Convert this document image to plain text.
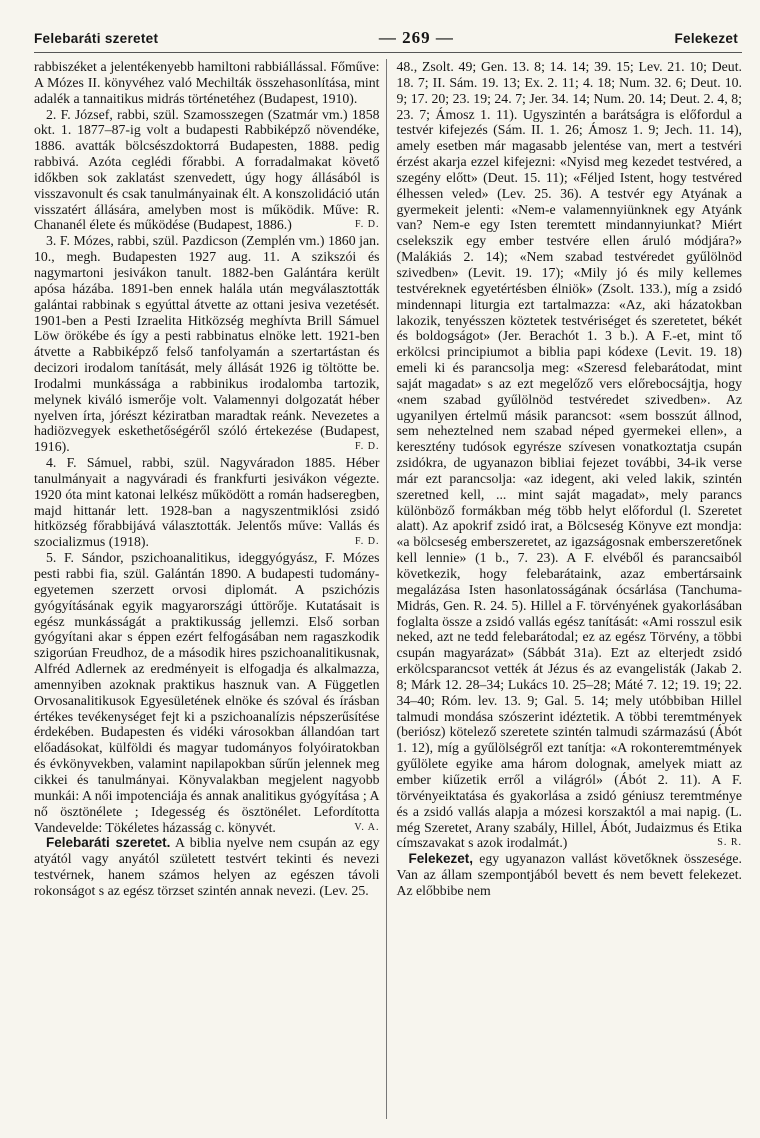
Felebaráti szeretet	— 269 —	Felekezet

rabbiszéket a jelentékenyebb hamiltoni rabbiállással. Főműve: A Mózes II. könyvéhez való Mechilták összehasonlítása, mint adalék a tannaitikus midrás történetéhez (Budapest, 1910).

2. F. József, rabbi, szül. Szamosszegen (Szatmár vm.) 1858 okt. 1. 1877–87-ig volt a budapesti Rabbiképző növendéke, 1886. avatták bölcsészdoktorrá Budapesten, 1888. pedig rabbivá. Azóta ceglédi főrabbi. A forradalmakat követő időkben sok zaklatást szenvedett, úgy hogy állásából is visszavonult és csak tanulmányainak élt. A konszolidáció után visszatért állására, amelyben most is működik. Műve: R. Chananél élete és működése (Budapest, 1886.)	F. D.

3. F. Mózes, rabbi, szül. Pazdicson (Zemplén vm.) 1860 jan. 10., megh. Budapesten 1927 aug. 11. A szikszói és nagymartoni jesivákon tanult. 1882-ben Galántára került apósa házába. 1891-ben ennek halála után megválasztották galántai rabbinak s egyúttal átvette az ottani jesiva vezetését. 1901-ben a Pesti Izraelita Hitközség meghívta Brill Sámuel Löw örökébe és így a pesti rabbinatus elnöke lett. 1921-ben átvette a Rabbiképző felső tanfolyamán a szertartástan és decizori irodalom tanítását, mely állását 1926 ig töltötte be. Irodalmi munkássága a rabbinikus irodalomba tartozik, melynek kiváló ismerője volt. Valamennyi dolgozatát héber nyelven írta, jórészt kéziratban maradtak reánk. Nevezetes a hadiözvegyek eskethetőségéről szóló értekezése (Budapest, 1916).	F. D.

4. F. Sámuel, rabbi, szül. Nagyváradon 1885. Héber tanulmányait a nagyváradi és frankfurti jesivákon végezte. 1920 óta mint katonai lelkész működött a román hadseregben, majd hittanár lett. 1928-ban a nagyszentmiklósi zsidó hitközség főrabbijává választották. Jelentős műve: Vallás és szocializmus (1918).	F. D.

5. F. Sándor, pszichoanalitikus, ideggyógyász, F. Mózes pesti rabbi fia, szül. Galántán 1890. A budapesti tudomány-egyetemen szerzett orvosi diplomát. A pszichózis gyógyításának egyik magyarországi úttörője. Kutatásait is egész munkásságát a praktikusság jellemzi. Első sorban gyógyítani akar s éppen ezért felfogásában nem ragaszkodik szigorúan Freudhoz, de a második hires pszichoanalitikusnak, Alfréd Adlernek az eredményeit is elfogadja és alkalmazza, amennyiben azoknak praktikus hasznuk van. A Független Orvosanalitikusok Egyesületének elnöke és szóval és írásban értékes tevékenységet fejt ki a pszichoanalízis népszerűsítése érdekében. Budapesten és vidéki városokban állandóan tart előadásokat, külföldi és magyar tudományos folyóiratokban és évkönyvekben, valamint napilapokban sűrűn jelennek meg cikkei és tanulmányai. Könyvalakban megjelent nagyobb munkái: A női impotenciája és annak analitikus gyógyítása ; A nő ösztönélete ; Idegesség és ösztönélet. Lefordította Vandevelde: Tökéletes házasság c. könyvét.	V. A.

Felebaráti szeretet. A biblia nyelve nem csupán az egy atyától vagy anyától született testvért tekinti és nevezi testvérnek, hanem számos helyen az egészen távoli rokonságot s az egész törzset szintén annak nevezi. (Lev. 25.

48., Zsolt. 49; Gen. 13. 8; 14. 14; 39. 15; Lev. 21. 10; Deut. 18. 7; II. Sám. 19. 13; Ex. 2. 11; 4. 18; Num. 32. 6; Deut. 10. 9; 17. 20; 23. 19; 24. 7; Jer. 34. 14; Num. 20. 14; Deut. 2. 4, 8; 23. 7; Ámosz 1. 11). Ugyszintén a barátságra is előfordul a testvér kifejezés (Sám. II. 1. 26; Ámosz 1. 9; Jech. 11. 14), amely esetben már magasabb jelentése van, mert a testvéri érzést akarja ezzel kifejezni: «Nyisd meg kezedet testvéred, a szegény előtt» (Deut. 15. 11); «Féljed Istent, hogy testvéred élhessen veled» (Lev. 25. 36). A testvér egy Atyának a gyermekeit jelenti: «Nem-e valamennyiünknek egy Atyánk van? Nem-e egy Isten teremtett mindannyiunkat? Miért cselekszik egy ember testvére ellen áruló módjára?» (Malákiás 2. 14); «Nem szabad testvéredet gyűlölnöd szivedben» (Levit. 19. 17); «Mily jó és mily kellemes testvéreknek egyetértésben élniök» (Zsolt. 133.), míg a zsidó mindennapi liturgia ezt tartalmazza: «Az, aki házatokban lakozik, tenyésszen köztetek testvériséget és szeretetet, békét és boldogságot» (Jer. Berachót 1. 3 b.). A F.-et, mint tő erkölcsi principiumot a biblia papi kódexe (Levit. 19. 18) emeli ki és parancsolja meg: «Szeresd felebarátodat, mint saját magadat» s az ezt megelőző vers előrebocsájtja, hogy «nem szabad gyűlölnöd testvéredet szivedben». Az ugyanilyen értelmű másik parancsot: «sem bosszút állnod, sem neheztelned nem szabad néped gyermekei ellen», a keresztény tudósok egyrésze szívesen vonatkoztatja csupán zsidókra, de ugyanazon bibliai fejezet további, 34-ik verse már ezt parancsolja: «az idegent, aki veled lakik, szintén szeretned kell, ... mint saját magadat», mely parancs különböző formákban még több helyt előfordul (l. Szeretet alatt). Az apokrif zsidó irat, a Bölcseség Könyve ezt mondja: «a bölcseség emberszeretet, az igazságosnak emberszeretőnek kell lennie» (1 b., 7. 23). A F. elvéből és parancsaiból következik, hogy felebarátaink, azaz embertársaink megalázása Isten hasonlatosságának ócsárlása (Tanchuma-Midrás, Gen. R. 24. 5). Hillel a F. törvényének gyakorlásában foglalta össze a zsidó vallás egész tanítását: «Ami rosszul esik neked, azt ne tedd felebarátodal; ez az egész Törvény, a többi csupán magyarázat» (Sábbát 31a). Ezt az elterjedt zsidó erkölcsparancsot vették át Jézus és az evangelisták (Jakab 2. 8; Márk 12. 28–34; Lukács 10. 25–28; Máté 7. 12; 19. 19; 22. 34–40; Róm. lev. 13. 9; Gal. 5. 14; mely utóbbiban Hillel talmudi mondása szószerint idéztetik. A többi teremtmények (beriósz) kötelező szeretete szintén talmudi származású (Ábót 1. 12), míg a gyűlölségről ezt tanítja: «A rokonteremtmények gyűlölete egyike ama három dolognak, amelyek miatt az ember kiűzetik erről a világról» (Ábót 2. 11). A F. törvényeiktatása és gyakorlása a zsidó géniusz teremtménye és a zsidó vallás alapja a mózesi korszaktól a mai napig. (L. még Szeretet, Arany szabály, Hillel, Ábót, Judaizmus és Etika címszavakat s azok irodalmát.)	S. R.

Felekezet, egy ugyanazon vallást követőknek összesége. Van az állam szempontjából bevett és nem bevett felekezet. Az előbbibe nem
